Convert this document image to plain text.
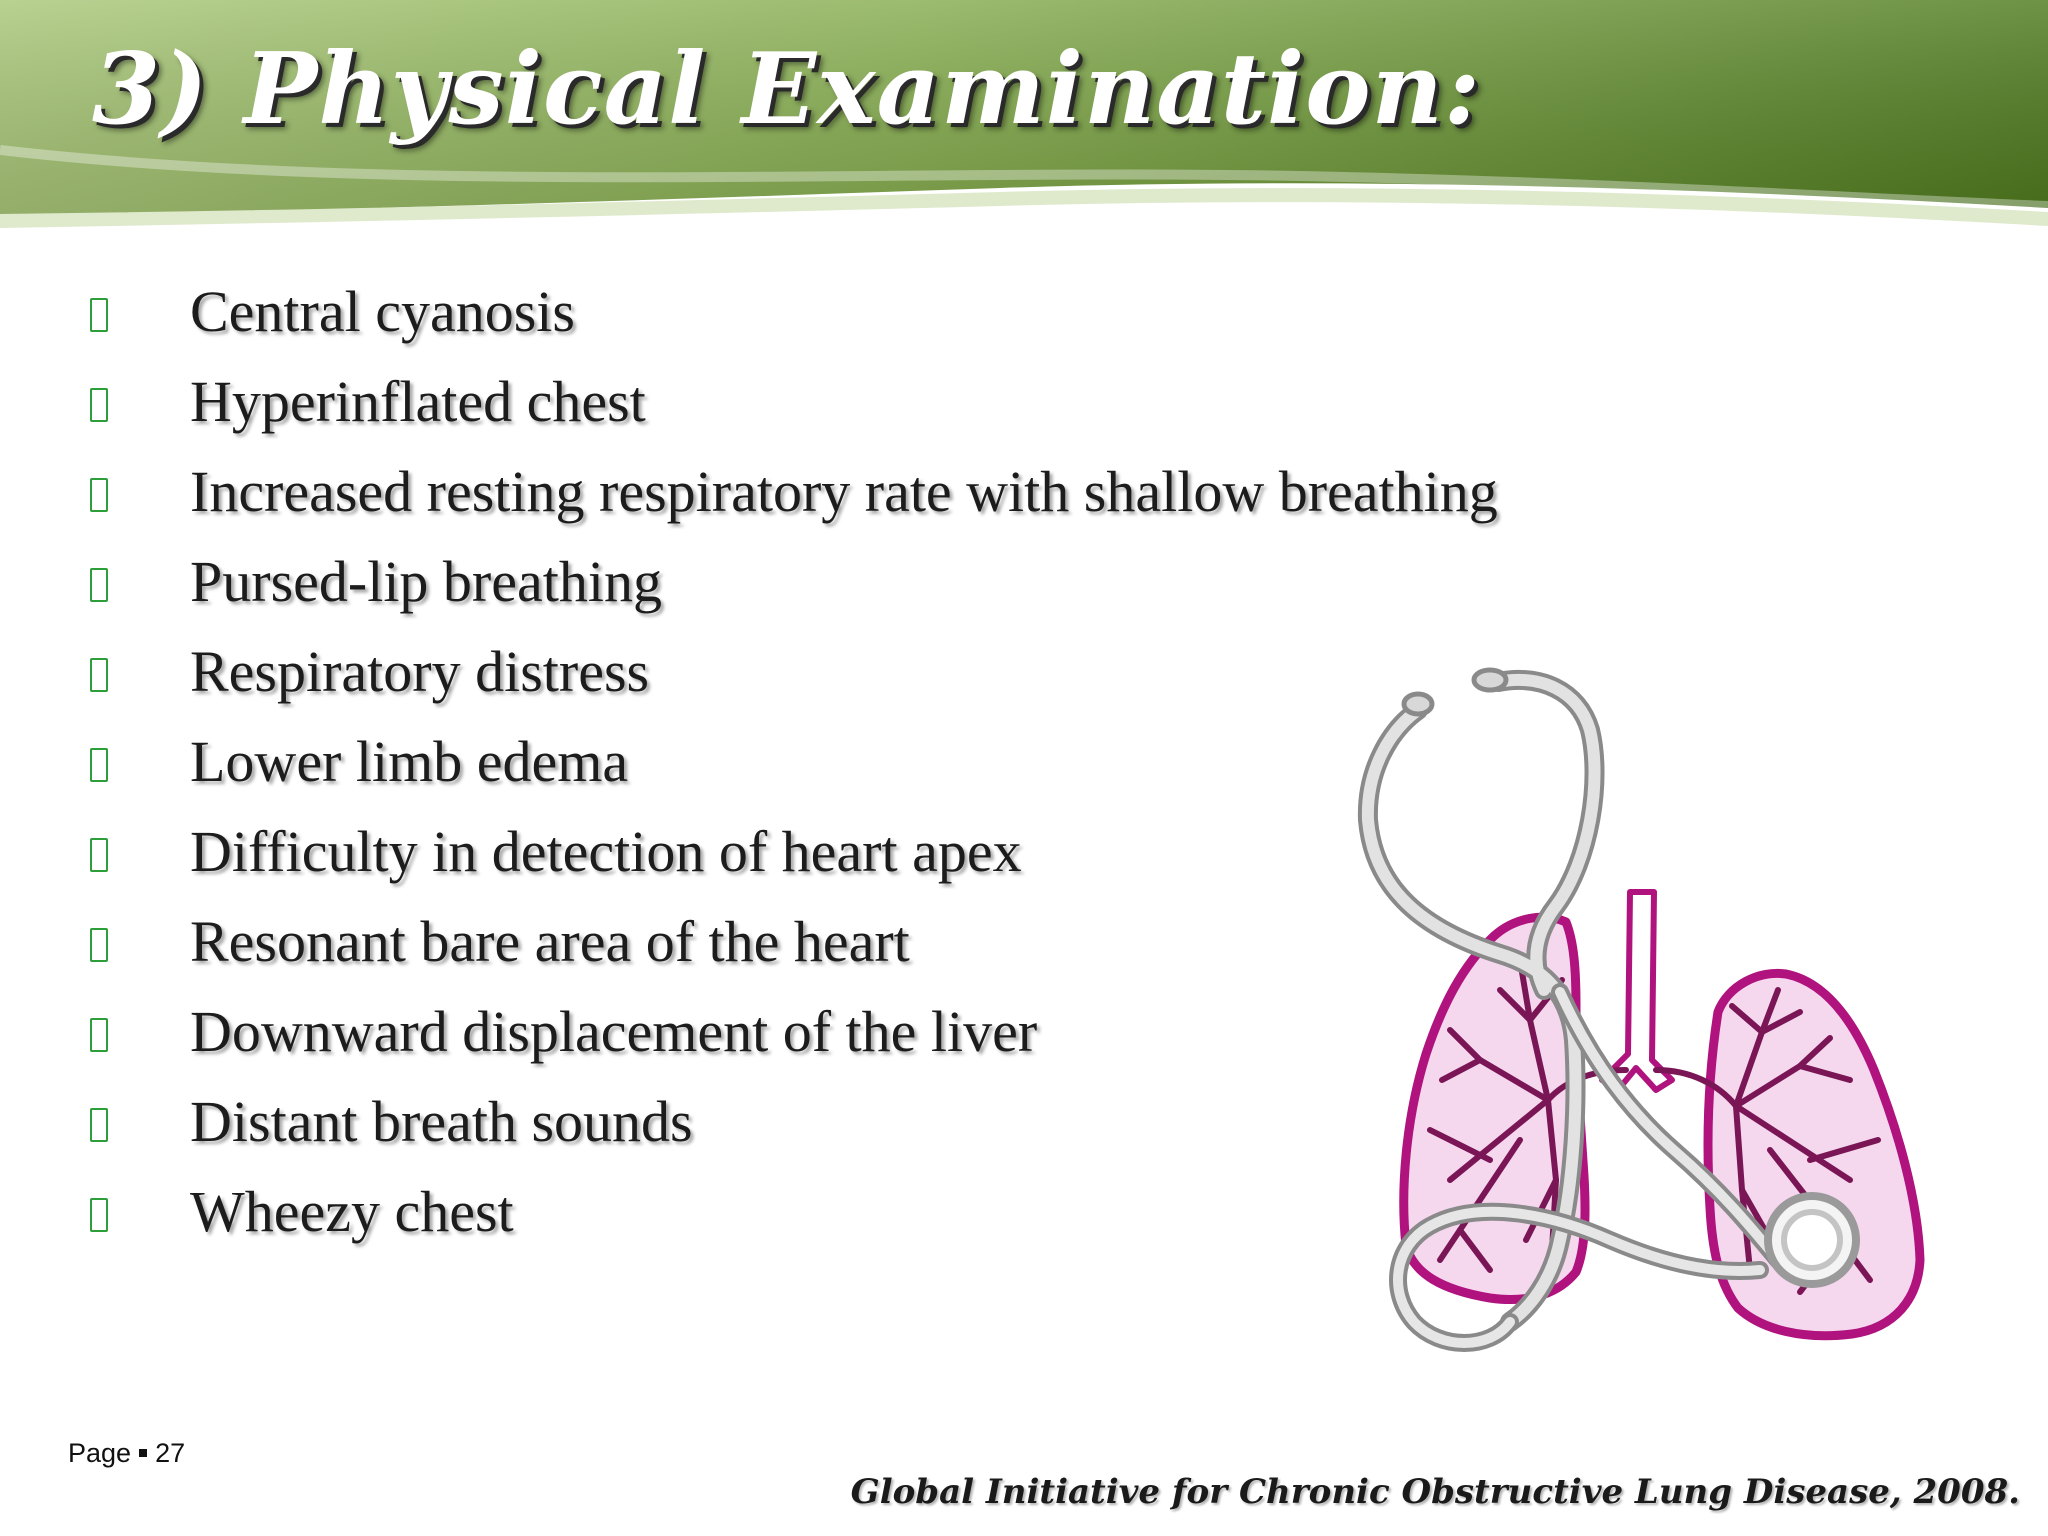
3) Physical Examination:
Central cyanosis
Hyperinflated chest
Increased resting respiratory rate with shallow breathing
Pursed-lip breathing
Respiratory distress
Lower limb edema
Difficulty in detection of heart apex
Resonant bare area of the heart
Downward displacement of the liver
Distant breath sounds
Wheezy chest
Page 27
Global Initiative for Chronic Obstructive Lung Disease, 2008.
